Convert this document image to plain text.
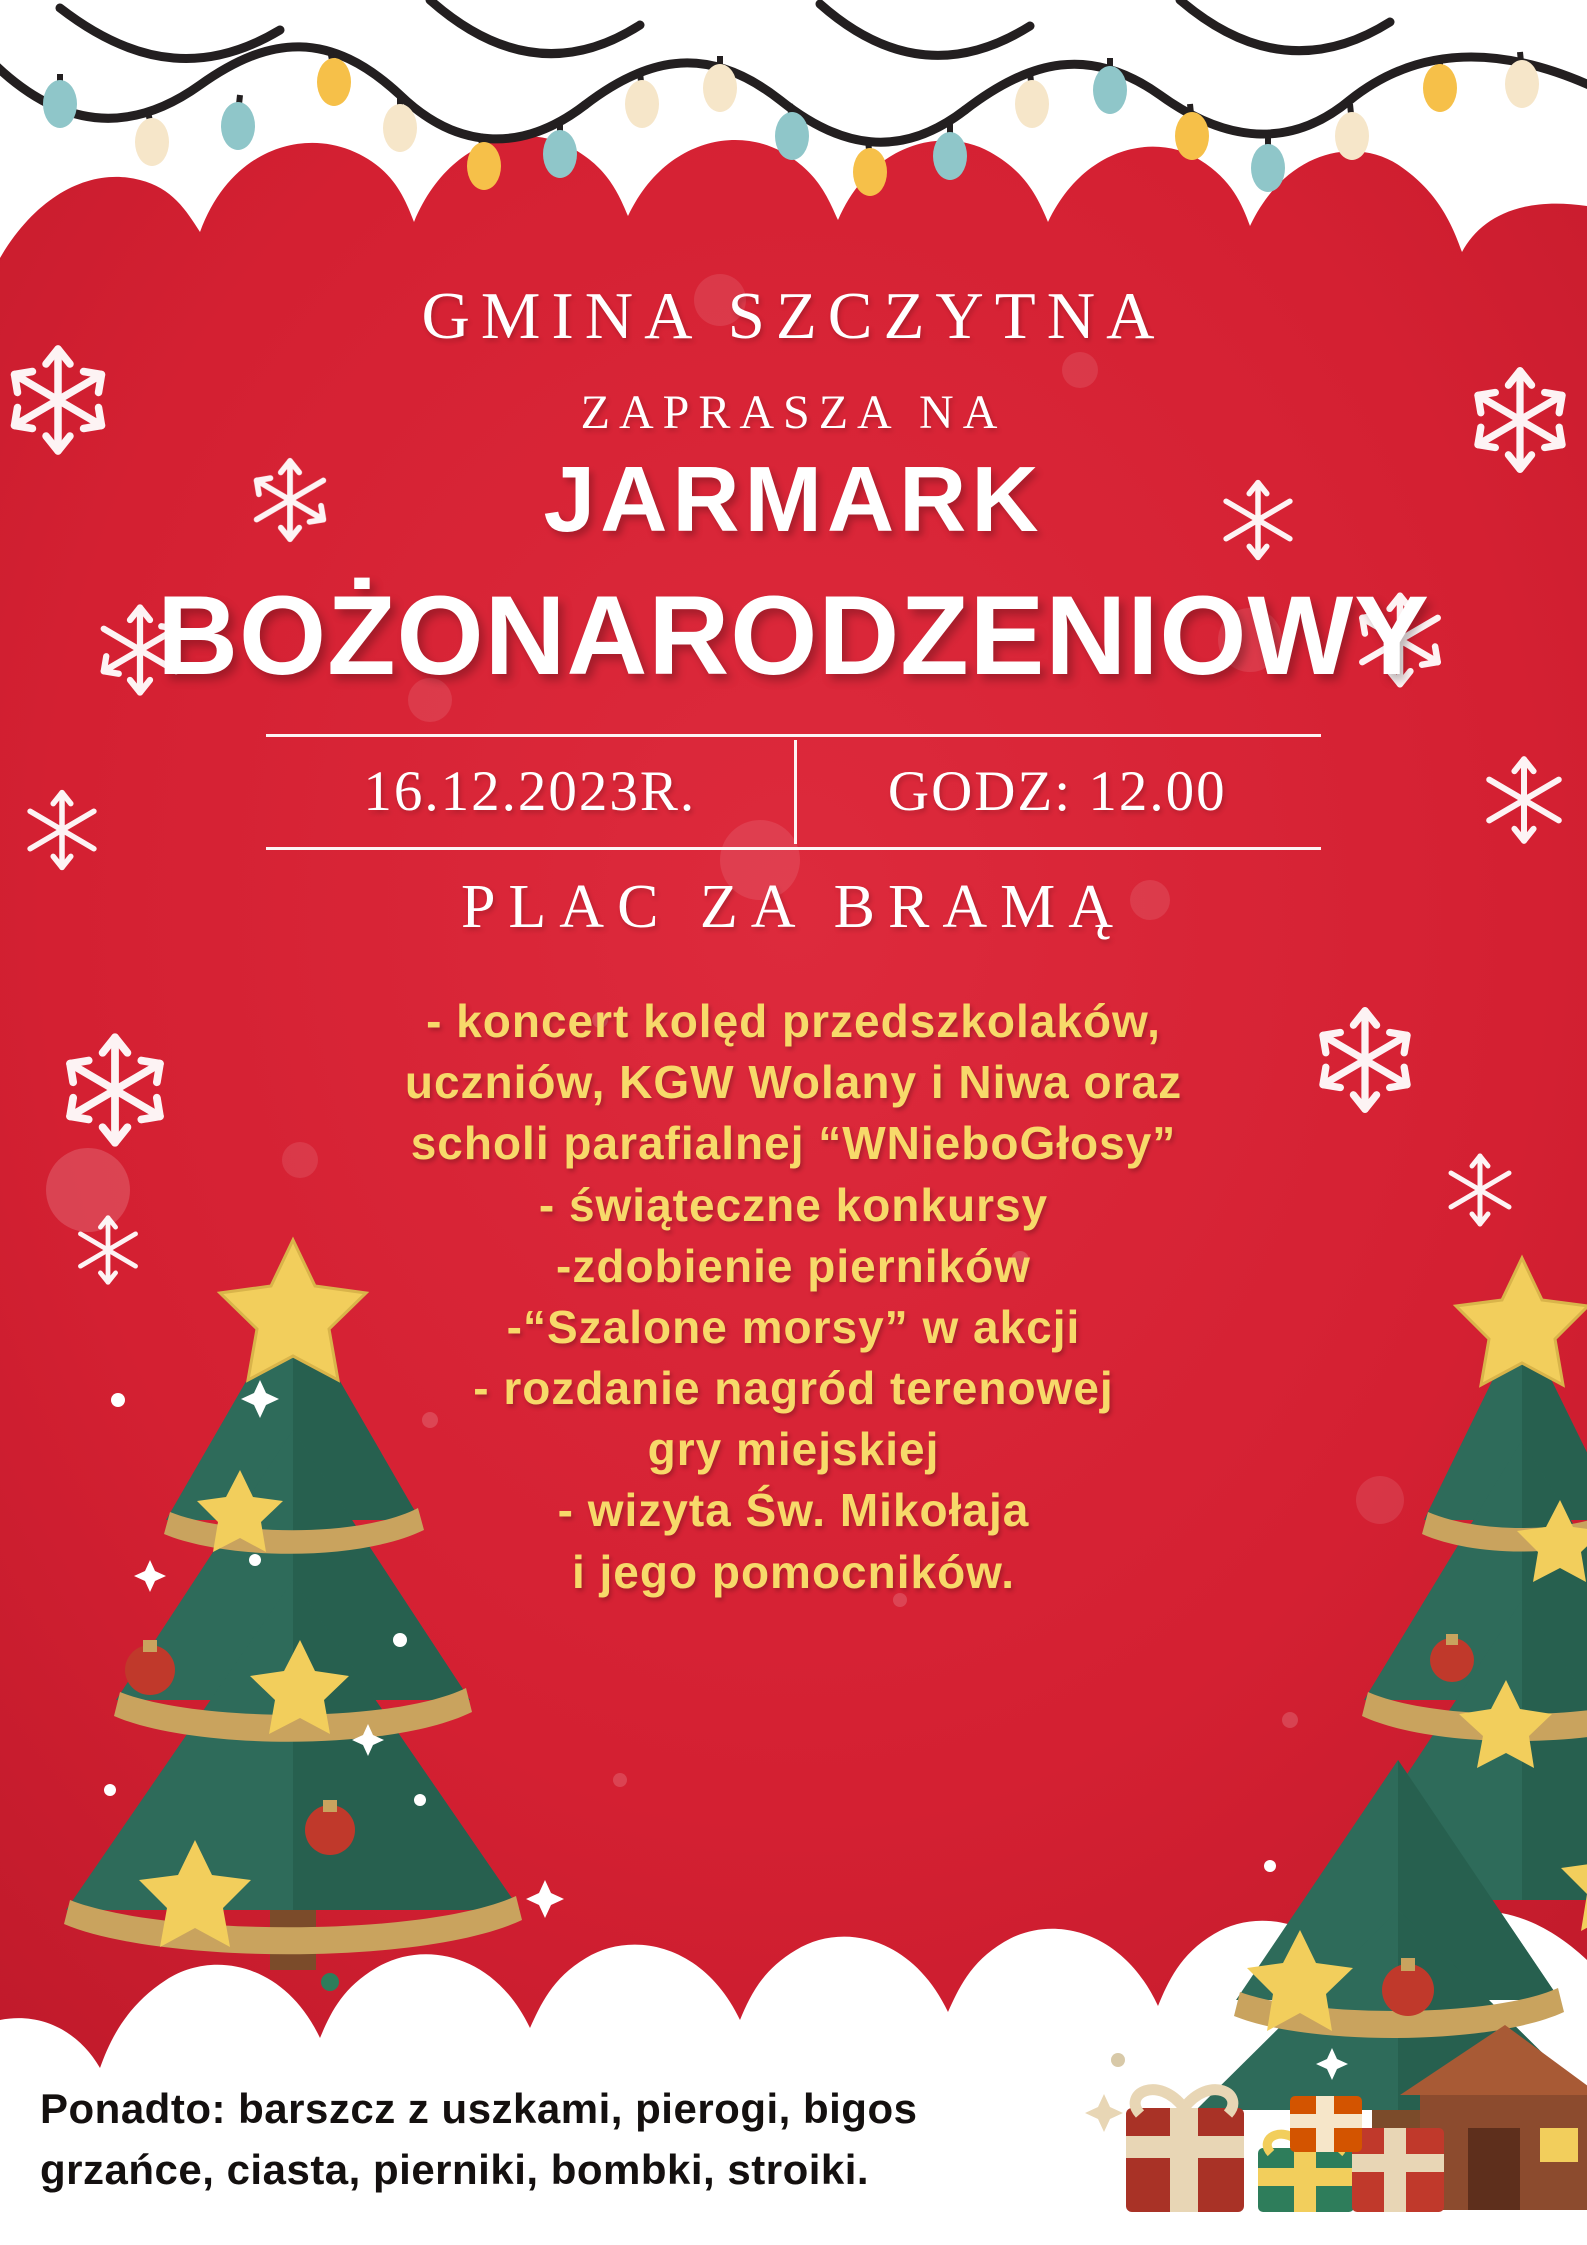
GMINA SZCZYTNA
ZAPRASZA NA
JARMARK
BOŻONARODZENIOWY
16.12.2023R.	GODZ: 12.00
PLAC ZA BRAMĄ
- koncert kolęd przedszkolaków,
uczniów, KGW Wolany i Niwa oraz
scholi parafialnej “WNieboGłosy”
- świąteczne konkursy
-zdobienie pierników
-“Szalone morsy” w akcji
- rozdanie nagród terenowej
gry miejskiej
- wizyta Św. Mikołaja
i jego pomocników.
Ponadto: barszcz z uszkami, pierogi, bigos
grzańce, ciasta, pierniki, bombki, stroiki.
